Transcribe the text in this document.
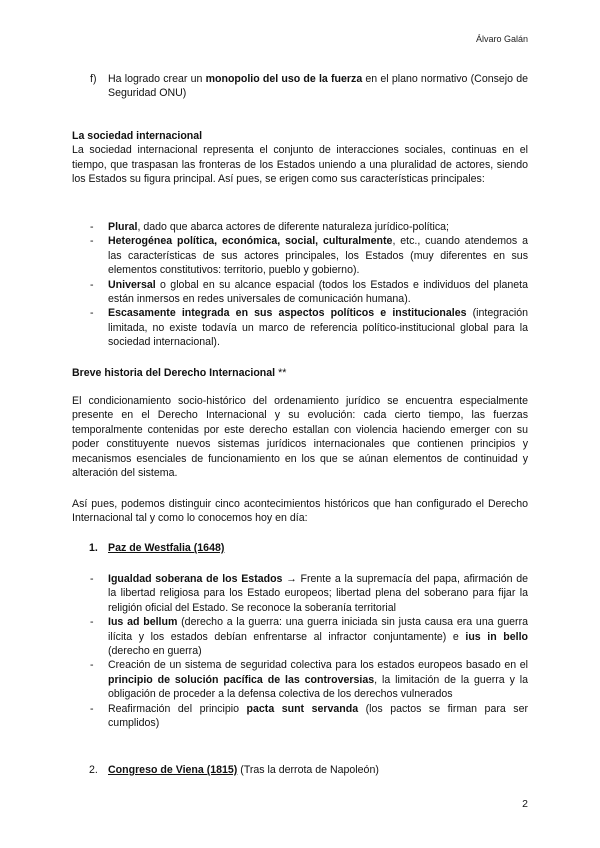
Álvaro Galán
f) Ha logrado crear un monopolio del uso de la fuerza en el plano normativo (Consejo de Seguridad ONU)

La sociedad internacional

La sociedad internacional representa el conjunto de interacciones sociales, continuas en el tiempo, que traspasan las fronteras de los Estados uniendo a una pluralidad de actores, siendo los Estados su figura principal. Así pues, se erigen como sus características principales:

- Plural, dado que abarca actores de diferente naturaleza jurídico-política;
- Heterogénea política, económica, social, culturalmente, etc., cuando atendemos a las características de sus actores principales, los Estados (muy diferentes en sus elementos constitutivos: territorio, pueblo y gobierno).
- Universal o global en su alcance espacial (todos los Estados e individuos del planeta están inmersos en redes universales de comunicación humana).
- Escasamente integrada en sus aspectos políticos e institucionales (integración limitada, no existe todavía un marco de referencia político-institucional global para la sociedad internacional).

Breve historia del Derecho Internacional **

El condicionamiento socio-histórico del ordenamiento jurídico se encuentra especialmente presente en el Derecho Internacional y su evolución: cada cierto tiempo, las fuerzas temporalmente contenidas por este derecho estallan con violencia haciendo emerger con su poder constituyente nuevos sistemas jurídicos internacionales que contienen principios y mecanismos esenciales de funcionamiento en los que se aúnan elementos de continuidad y alteración del sistema.
Así pues, podemos distinguir cinco acontecimientos históricos que han configurado el Derecho Internacional tal y como lo conocemos hoy en día:
1. Paz de Westfalia (1648)
- Igualdad soberana de los Estados → Frente a la supremacía del papa, afirmación de la libertad religiosa para los Estado europeos; libertad plena del soberano para fijar la religión oficial del Estado. Se reconoce la soberanía territorial
- Ius ad bellum (derecho a la guerra: una guerra iniciada sin justa causa era una guerra ilícita y los estados debían enfrentarse al infractor conjuntamente) e ius in bello (derecho en guerra)
- Creación de un sistema de seguridad colectiva para los estados europeos basado en el principio de solución pacífica de las controversias, la limitación de la guerra y la obligación de proceder a la defensa colectiva de los derechos vulnerados
- Reafirmación del principio pacta sunt servanda (los pactos se firman para ser cumplidos)
2. Congreso de Viena (1815) (Tras la derrota de Napoleón)
2
